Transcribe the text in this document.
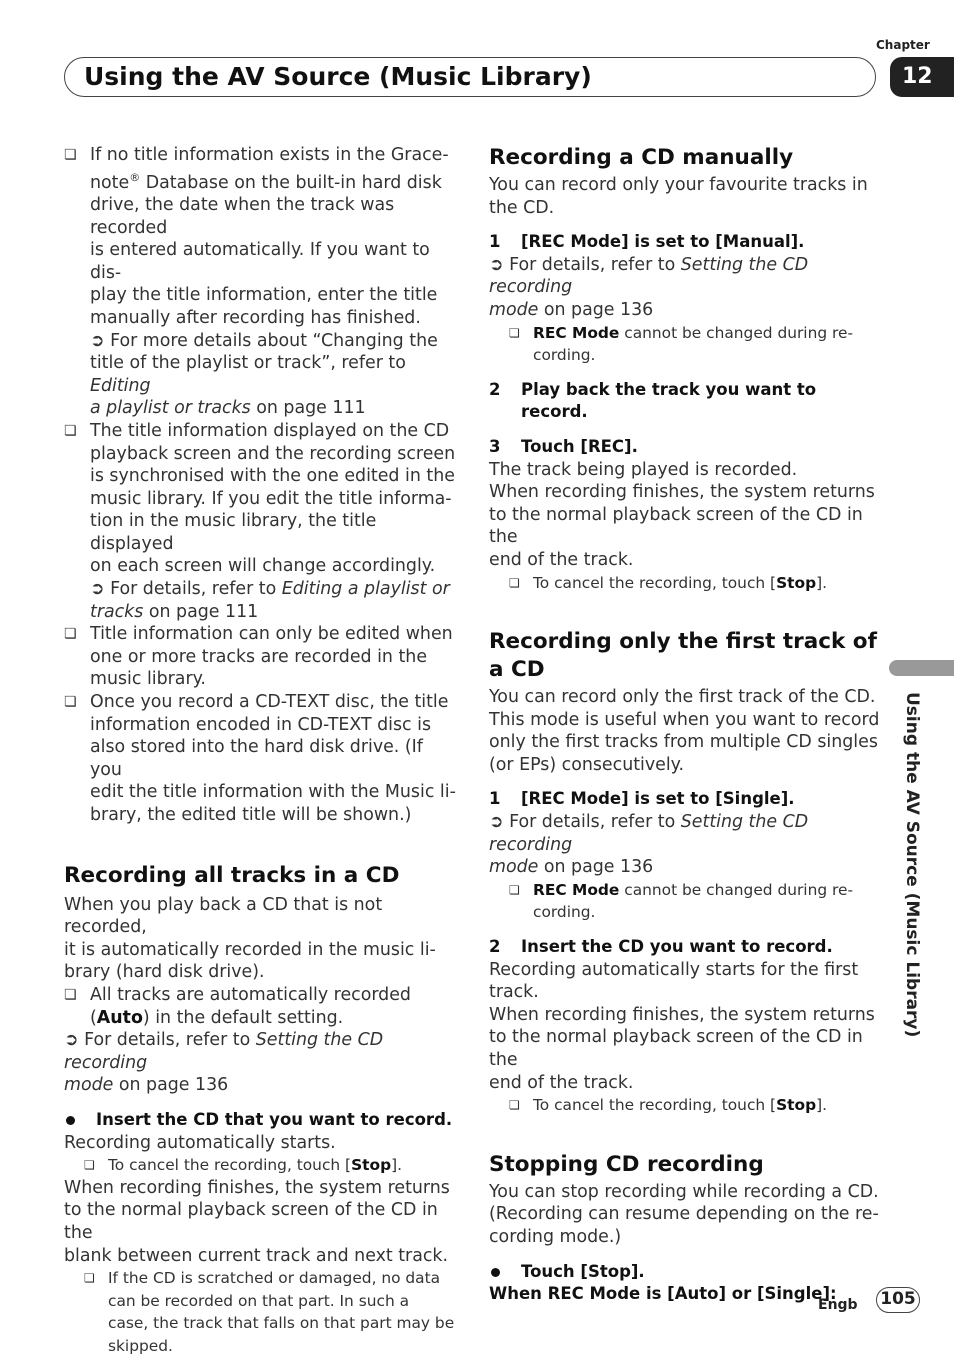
Chapter
12
Using the AV Source (Music Library)
Using the AV Source (Music Library)
❏ If no title information exists in the Grace-
note® Database on the built-in hard disk
drive, the date when the track was recorded
is entered automatically. If you want to dis-
play the title information, enter the title
manually after recording has finished.
➲ For more details about “Changing the
title of the playlist or track”, refer to Editing
a playlist or tracks on page 111
❏ The title information displayed on the CD
playback screen and the recording screen
is synchronised with the one edited in the
music library. If you edit the title informa-
tion in the music library, the title displayed
on each screen will change accordingly.
➲ For details, refer to Editing a playlist or
tracks on page 111
❏ Title information can only be edited when
one or more tracks are recorded in the
music library.
❏ Once you record a CD-TEXT disc, the title
information encoded in CD-TEXT disc is
also stored into the hard disk drive. (If you
edit the title information with the Music li-
brary, the edited title will be shown.)
Recording all tracks in a CD
When you play back a CD that is not recorded,
it is automatically recorded in the music li-
brary (hard disk drive).
❏ All tracks are automatically recorded
(Auto) in the default setting.
➲ For details, refer to Setting the CD recording
mode on page 136
Insert the CD that you want to record.
Recording automatically starts.
❏ To cancel the recording, touch [Stop].
When recording finishes, the system returns
to the normal playback screen of the CD in the
blank between current track and next track.
❏ If the CD is scratched or damaged, no data
can be recorded on that part. In such a
case, the track that falls on that part may be
skipped.
Recording a CD manually
You can record only your favourite tracks in
the CD.
1 [REC Mode] is set to [Manual].
➲ For details, refer to Setting the CD recording
mode on page 136
❏ REC Mode cannot be changed during re-
cording.
2 Play back the track you want to record.
3 Touch [REC].
The track being played is recorded.
When recording finishes, the system returns
to the normal playback screen of the CD in the
end of the track.
❏ To cancel the recording, touch [Stop].
Recording only the first track of
a CD
You can record only the first track of the CD.
This mode is useful when you want to record
only the first tracks from multiple CD singles
(or EPs) consecutively.
1 [REC Mode] is set to [Single].
➲ For details, refer to Setting the CD recording
mode on page 136
❏ REC Mode cannot be changed during re-
cording.
2 Insert the CD you want to record.
Recording automatically starts for the first
track.
When recording finishes, the system returns
to the normal playback screen of the CD in the
end of the track.
❏ To cancel the recording, touch [Stop].
Stopping CD recording
You can stop recording while recording a CD.
(Recording can resume depending on the re-
cording mode.)
Touch [Stop].
When REC Mode is [Auto] or [Single]:
Engb 105
